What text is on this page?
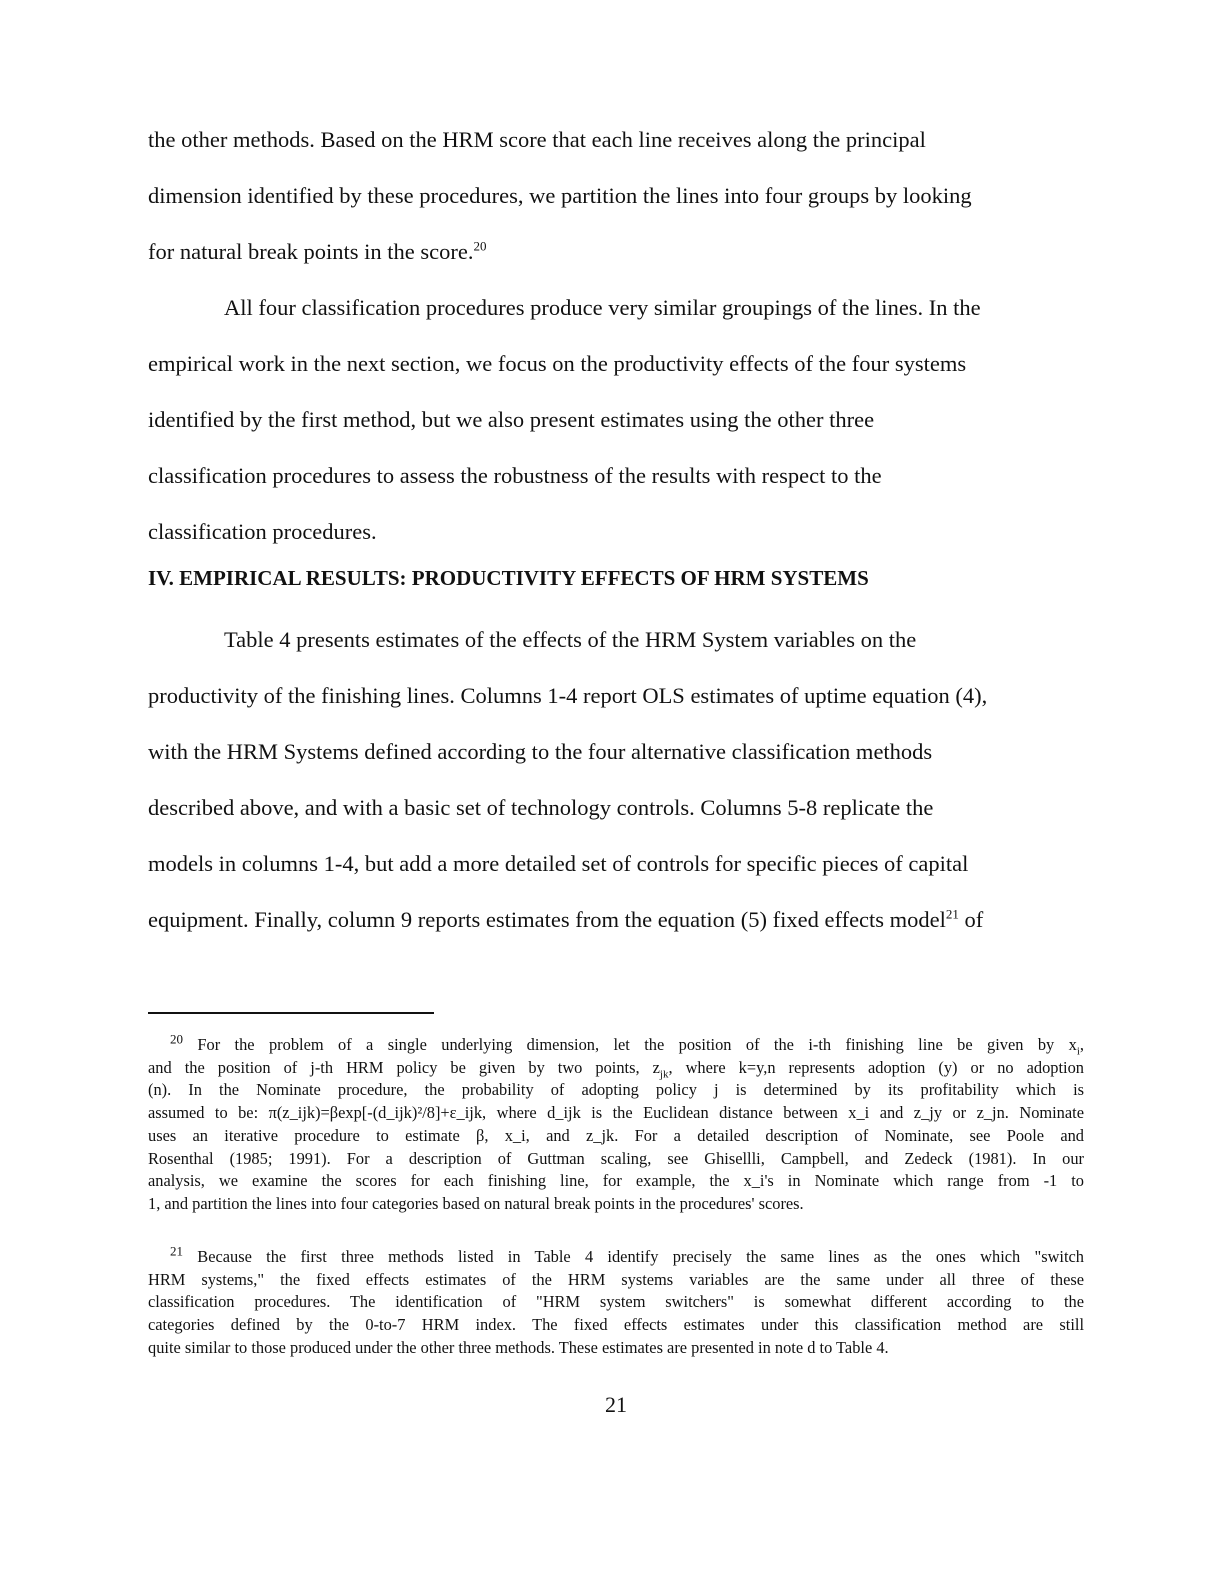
the other methods. Based on the HRM score that each line receives along the principal
dimension identified by these procedures, we partition the lines into four groups by looking
for natural break points in the score.$^{20}$
All four classification procedures produce very similar groupings of the lines. In the
empirical work in the next section, we focus on the productivity effects of the four systems
identified by the first method, but we also present estimates using the other three
classification procedures to assess the robustness of the results with respect to the
classification procedures.
IV. EMPIRICAL RESULTS: PRODUCTIVITY EFFECTS OF HRM SYSTEMS
Table 4 presents estimates of the effects of the HRM System variables on the
productivity of the finishing lines. Columns 1-4 report OLS estimates of uptime equation (4),
with the HRM Systems defined according to the four alternative classification methods
described above, and with a basic set of technology controls. Columns 5-8 replicate the
models in columns 1-4, but add a more detailed set of controls for specific pieces of capital
equipment. Finally, column 9 reports estimates from the equation (5) fixed effects model$^{21}$ of
$^{20}$ For the problem of a single underlying dimension, let the position of the i-th finishing line be given by $x_i$,
and the position of j-th HRM policy be given by two points, $z_{jk}$, where k=y,n represents adoption (y) or no adoption
(n). In the Nominate procedure, the probability of adopting policy j is determined by its profitability which is
assumed to be: π(z_ijk)=βexp[-(d_ijk)²/8]+ε_ijk, where d_ijk is the Euclidean distance between x_i and z_jy or z_jn. Nominate
uses an iterative procedure to estimate β, x_i, and z_jk. For a detailed description of Nominate, see Poole and
Rosenthal (1985; 1991). For a description of Guttman scaling, see Ghisellli, Campbell, and Zedeck (1981). In our
analysis, we examine the scores for each finishing line, for example, the x_i's in Nominate which range from -1 to
1, and partition the lines into four categories based on natural break points in the procedures' scores.
$^{21}$ Because the first three methods listed in Table 4 identify precisely the same lines as the ones which "switch
HRM systems," the fixed effects estimates of the HRM systems variables are the same under all three of these
classification procedures. The identification of "HRM system switchers" is somewhat different according to the
categories defined by the 0-to-7 HRM index. The fixed effects estimates under this classification method are still
quite similar to those produced under the other three methods. These estimates are presented in note d to Table 4.
21
